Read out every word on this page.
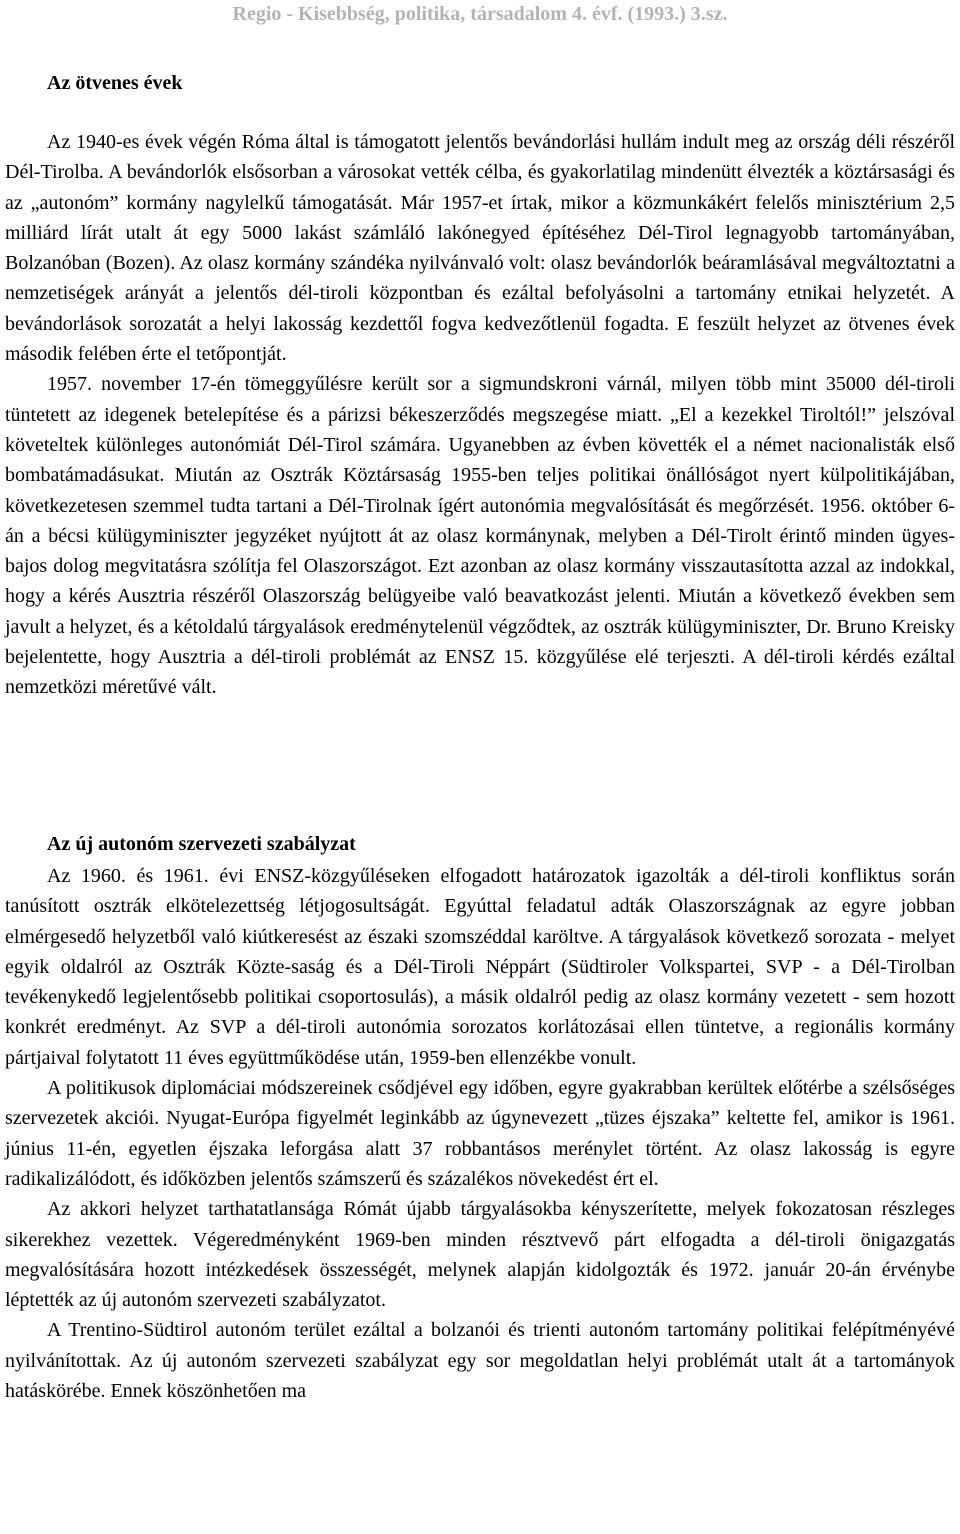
Regio - Kisebbség, politika, társadalom 4. évf. (1993.) 3.sz.
Az ötvenes évek

Az 1940-es évek végén Róma által is támogatott jelentős bevándorlási hullám indult meg az ország déli részéről Dél-Tirolba. A bevándorlók elsősorban a városokat vették célba, és gyakorlatilag mindenütt élvezték a köztársasági és az „autonóm” kormány nagylelkű támogatását. Már 1957-et írtak, mikor a közmunkákért felelős minisztérium 2,5 milliárd lírát utalt át egy 5000 lakást számláló lakónegyed építéséhez Dél-Tirol legnagyobb tartományában, Bolzanóban (Bozen). Az olasz kormány szándéka nyilvánvaló volt: olasz bevándorlók beáramlásával megváltoztatni a nemzetiségek arányát a jelentős dél-tiroli központban és ezáltal befolyásolni a tartomány etnikai helyzetét. A bevándorlások sorozatát a helyi lakosság kezdettől fogva kedvezőtlenül fogadta. E feszült helyzet az ötvenes évek második felében érte el tetőpontját.

1957. november 17-én tömeggyűlésre került sor a sigmundskroni várnál, milyen több mint 35000 dél-tiroli tüntetett az idegenek betelepítése és a párizsi békeszerződés megszegése miatt. „El a kezekkel Tiroltól!” jelszóval követeltek különleges autonómiát Dél-Tirol számára. Ugyanebben az évben követték el a német nacionalisták első bombatámadásukat. Miután az Osztrák Köztársaság 1955-ben teljes politikai önállóságot nyert külpolitikájában, következetesen szemmel tudta tartani a Dél-Tirolnak ígért autonómia megvalósítását és megőrzését. 1956. október 6-án a bécsi külügyminiszter jegyzéket nyújtott át az olasz kormánynak, melyben a Dél-Tirolt érintő minden ügyes-bajos dolog megvitatásra szólítja fel Olaszországot. Ezt azonban az olasz kormány visszautasította azzal az indokkal, hogy a kérés Ausztria részéről Olaszország belügyeibe való beavatkozást jelenti. Miután a következő években sem javult a helyzet, és a kétoldalú tárgyalások eredménytelenül végződtek, az osztrák külügyminiszter, Dr. Bruno Kreisky bejelentette, hogy Ausztria a dél-tiroli problémát az ENSZ 15. közgyűlése elé terjeszti. A dél-tiroli kérdés ezáltal nemzetközi méretűvé vált.

Az új autonóm szervezeti szabályzat

Az 1960. és 1961. évi ENSZ-közgyűléseken elfogadott határozatok igazolták a dél-tiroli konfliktus során tanúsított osztrák elkötelezettség létjogosultságát. Egyúttal feladatul adták Olaszországnak az egyre jobban elmérgesedő helyzetből való kiútkeresést az északi szomszéddal karöltve. A tárgyalások következő sorozata - melyet egyik oldalról az Osztrák Közte-saság és a Dél-Tiroli Néppárt (Südtiroler Volkspartei, SVP - a Dél-Tirolban tevékenykedő legjelentősebb politikai csoportosulás), a másik oldalról pedig az olasz kormány vezetett - sem hozott konkrét eredményt. Az SVP a dél-tiroli autonómia sorozatos korlátozásai ellen tüntetve, a regionális kormány pártjaival folytatott 11 éves együttműködése után, 1959-ben ellenzékbe vonult.

A politikusok diplomáciai módszereinek csődjével egy időben, egyre gyakrabban kerültek előtérbe a szélsőséges szervezetek akciói. Nyugat-Európa figyelmét leginkább az úgynevezett „tüzes éjszaka” keltette fel, amikor is 1961. június 11-én, egyetlen éjszaka leforgása alatt 37 robbantásos merénylet történt. Az olasz lakosság is egyre radikalizálódott, és időközben jelentős számszerű és százalékos növekedést ért el.

Az akkori helyzet tarthatatlansága Rómát újabb tárgyalásokba kényszerítette, melyek fokozatosan részleges sikerekhez vezettek. Végeredményként 1969-ben minden résztvevő párt elfogadta a dél-tiroli önigazgatás megvalósítására hozott intézkedések összességét, melynek alapján kidolgozták és 1972. január 20-án érvénybe léptették az új autonóm szervezeti szabályzatot.

A Trentino-Südtirol autonóm terület ezáltal a bolzanói és trienti autonóm tartomány politikai felépítményévé nyilvánítottak. Az új autonóm szervezeti szabályzat egy sor megoldatlan helyi problémát utalt át a tartományok hatáskörébe. Ennek köszönhetően ma
